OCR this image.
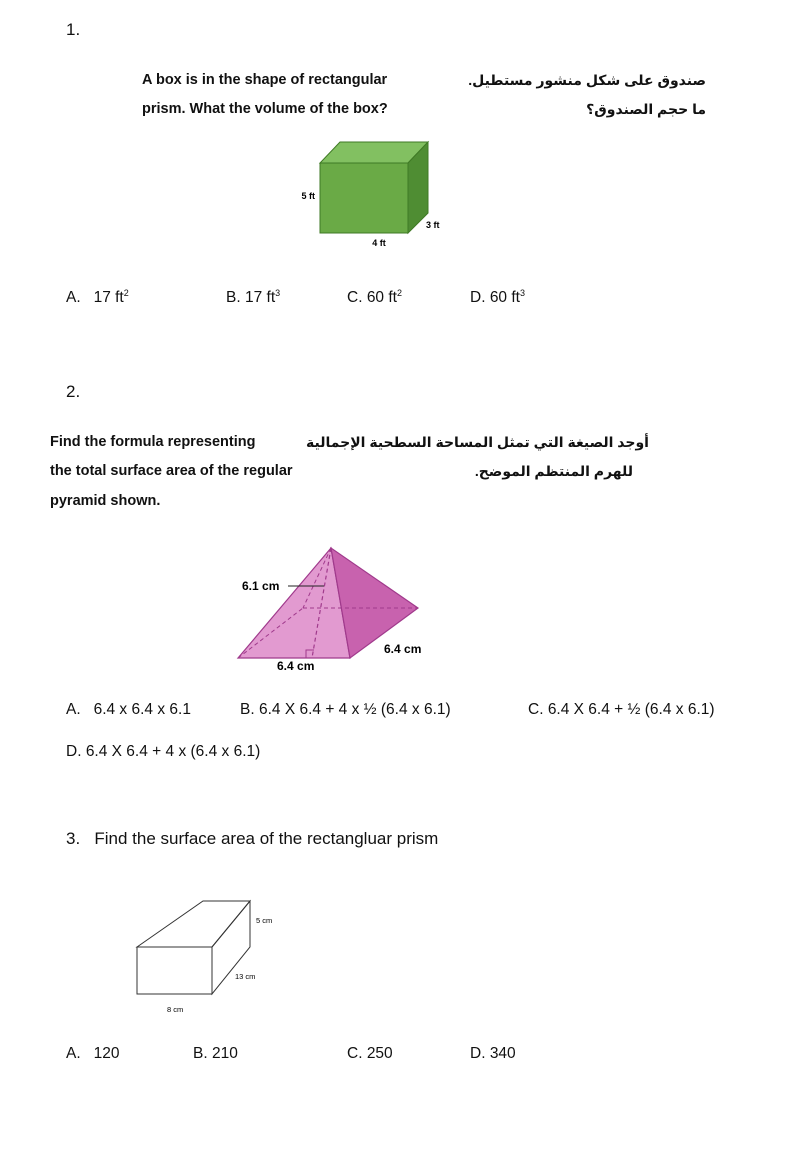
1.
A box is in the shape of rectangular
prism. What the volume of the box?
صندوق على شكل منشور مستطيل.
ما حجم الصندوق؟
5 ft
3 ft
4 ft
A. 17 $ft^2$	B. 17 $ft^3$	C. 60 $ft^2$	D. 60 $ft^3$
2.
Find the formula representing
the total surface area of the regular
pyramid shown.
أوجد الصيغة التي تمثل المساحة السطحية الإجمالية
للهرم المنتظم الموضح.
6.1 cm
6.4 cm
6.4 cm
A. 6.4 x 6.4 x 6.1	B. 6.4 X 6.4 + 4 x ½ (6.4 x 6.1)	C. 6.4 X 6.4 + ½ (6.4 x 6.1)
D. 6.4 X 6.4 + 4 x (6.4 x 6.1)
3. Find the surface area of the rectangluar prism
5 cm
13 cm
8 cm
A. 120	B. 210	C. 250	D. 340
